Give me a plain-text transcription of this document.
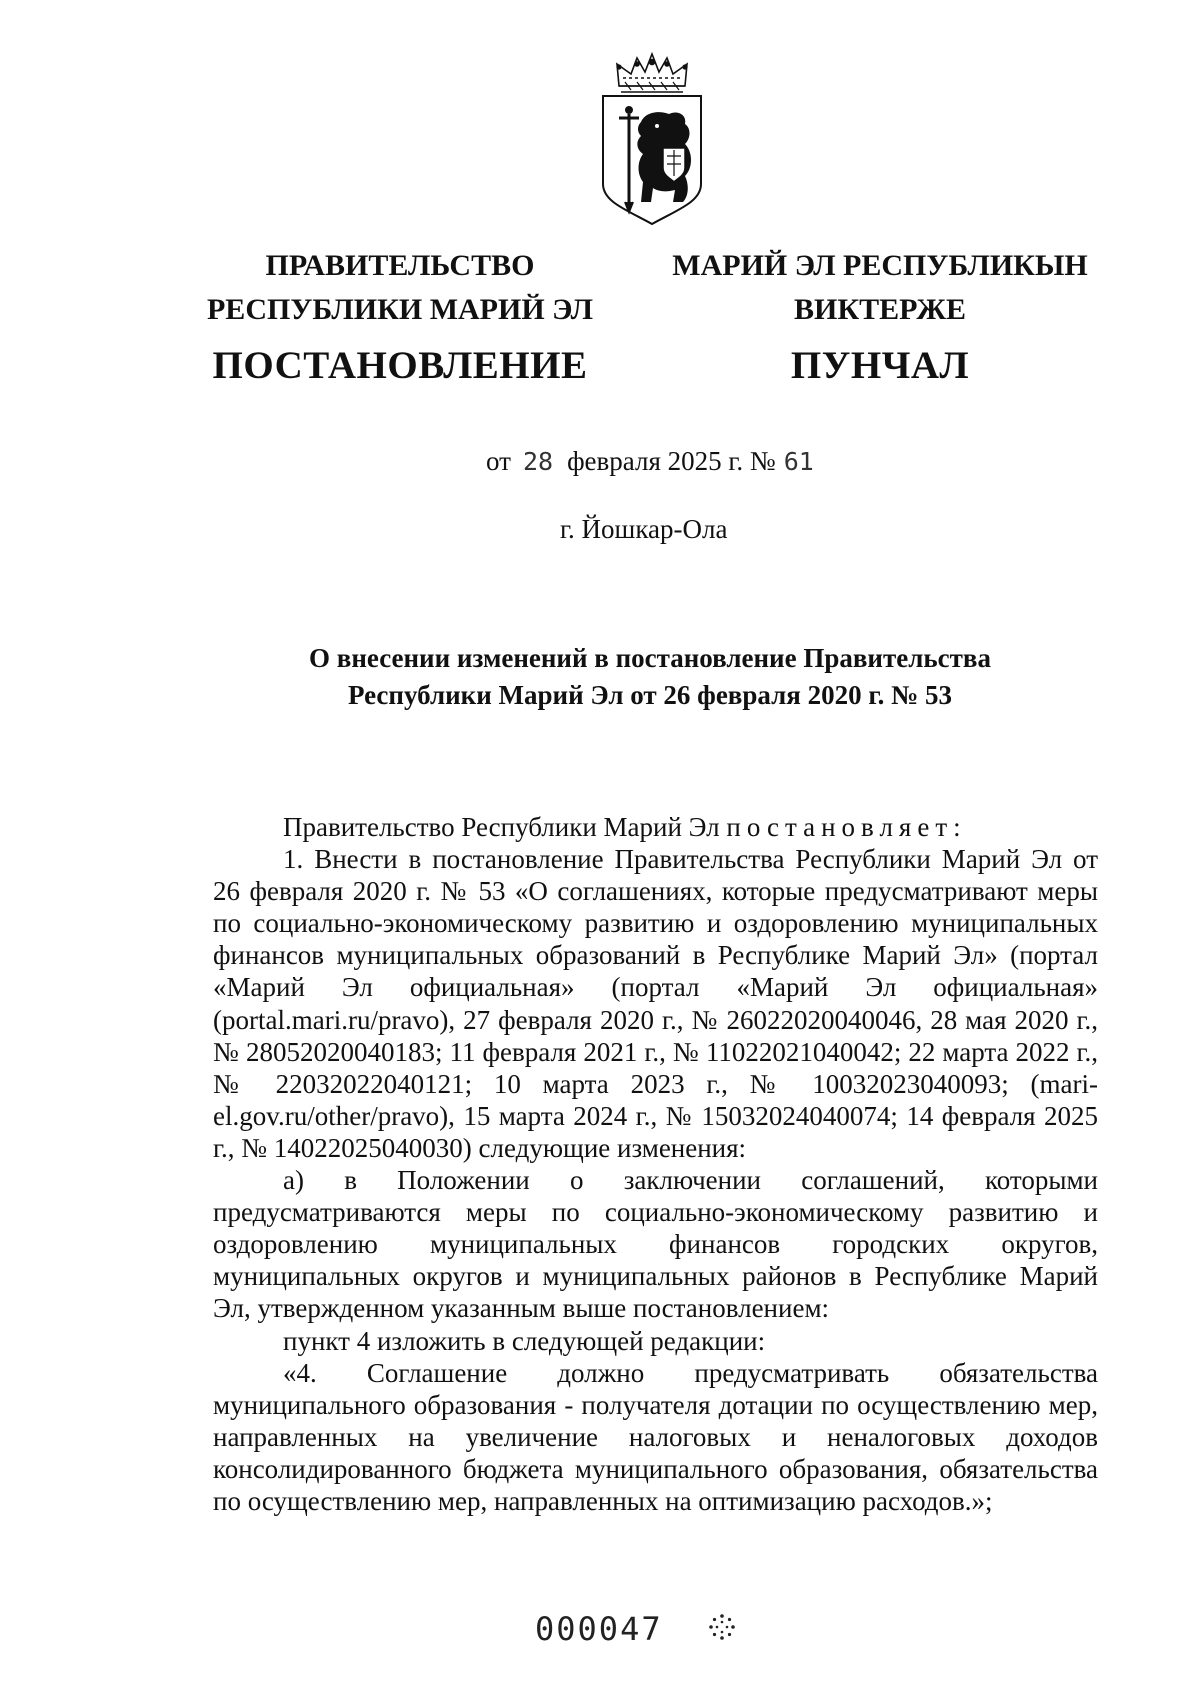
ПРАВИТЕЛЬСТВО
РЕСПУБЛИКИ МАРИЙ ЭЛ
ПОСТАНОВЛЕНИЕ
МАРИЙ ЭЛ РЕСПУБЛИКЫН
ВИКТЕРЖЕ
ПУНЧАЛ
от 28 февраля 2025 г. № 61
г. Йошкар-Ола
О внесении изменений в постановление Правительства
Республики Марий Эл от 26 февраля 2020 г. № 53

Правительство Республики Марий Эл постановляет:

1. Внести в постановление Правительства Республики Марий Эл от 26 февраля 2020 г. № 53 «О соглашениях, которые предусматривают меры по социально-экономическому развитию и оздоровлению муниципальных финансов муниципальных образований в Республике Марий Эл» (портал «Марий Эл официальная» (портал «Марий Эл официальная» (portal.mari.ru/pravo), 27 февраля 2020 г., № 26022020040046, 28 мая 2020 г., № 28052020040183; 11 февраля 2021 г., № 11022021040042; 22 марта 2022 г., № 22032022040121; 10 марта 2023 г., № 10032023040093; (mari-el.gov.ru/other/pravo), 15 марта 2024 г., № 15032024040074; 14 февраля 2025 г., № 14022025040030) следующие изменения:

а) в Положении о заключении соглашений, которыми предусматриваются меры по социально-экономическому развитию и оздоровлению муниципальных финансов городских округов, муниципальных округов и муниципальных районов в Республике Марий Эл, утвержденном указанным выше постановлением:

пункт 4 изложить в следующей редакции:

«4. Соглашение должно предусматривать обязательства муниципального образования - получателя дотации по осуществлению мер, направленных на увеличение налоговых и неналоговых доходов консолидированного бюджета муниципального образования, обязательства по осуществлению мер, направленных на оптимизацию расходов.»;

000047
